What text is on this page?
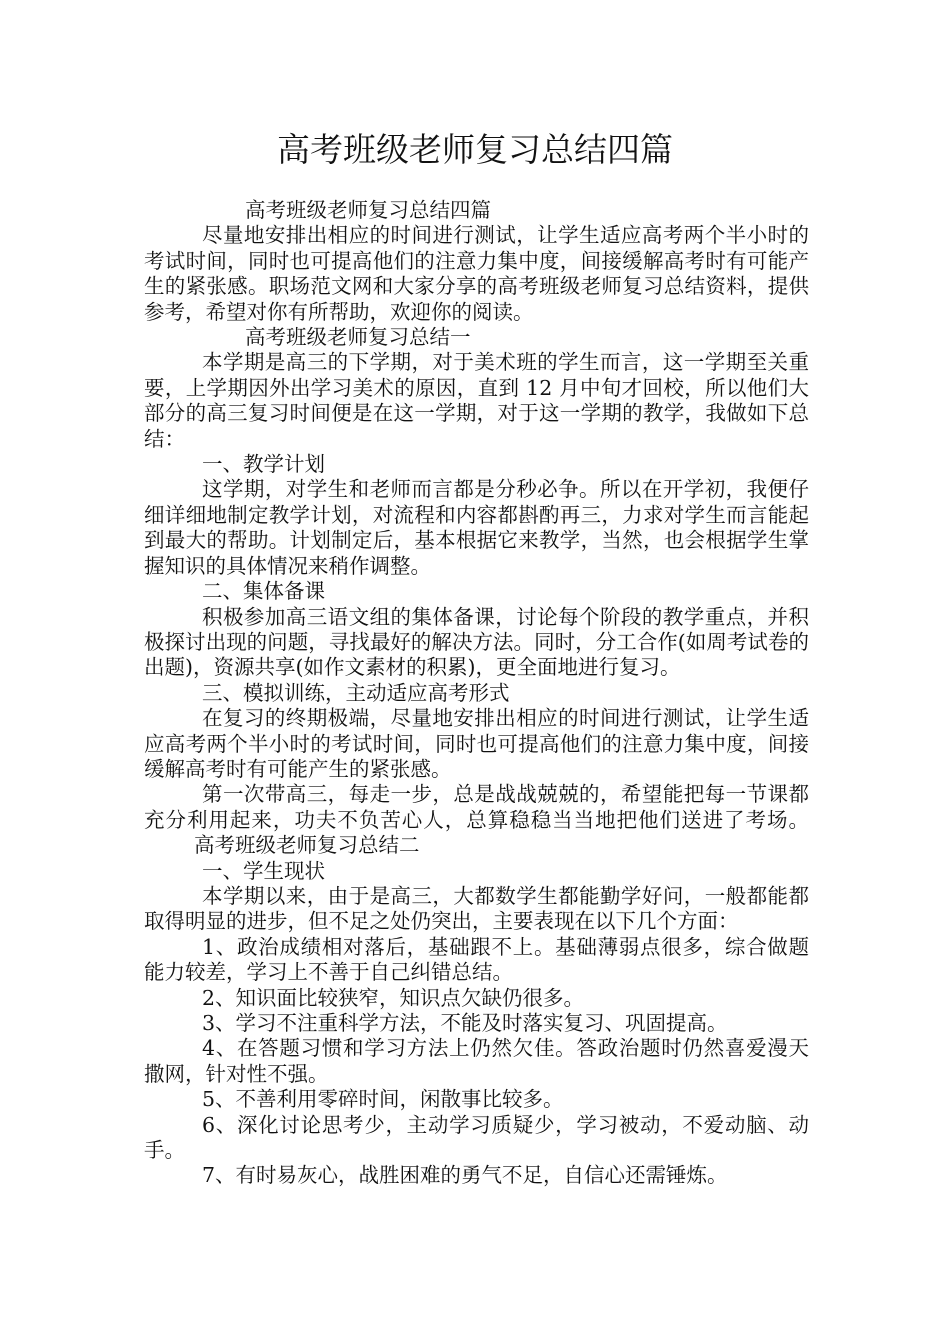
高考班级老师复习总结四篇

高考班级老师复习总结四篇

尽量地安排出相应的时间进行测试，让学生适应高考两个半小时的考试时间，同时也可提高他们的注意力集中度，间接缓解高考时有可能产生的紧张感。职场范文网和大家分享的高考班级老师复习总结资料，提供参考，希望对你有所帮助，欢迎你的阅读。

高考班级老师复习总结一

本学期是高三的下学期，对于美术班的学生而言，这一学期至关重要，上学期因外出学习美术的原因，直到 12 月中旬才回校，所以他们大部分的高三复习时间便是在这一学期，对于这一学期的教学，我做如下总结：

一、教学计划

这学期，对学生和老师而言都是分秒必争。所以在开学初，我便仔细详细地制定教学计划，对流程和内容都斟酌再三，力求对学生而言能起到最大的帮助。计划制定后，基本根据它来教学，当然，也会根据学生掌握知识的具体情况来稍作调整。

二、集体备课

积极参加高三语文组的集体备课，讨论每个阶段的教学重点，并积极探讨出现的问题，寻找最好的解决方法。同时，分工合作(如周考试卷的出题)，资源共享(如作文素材的积累)，更全面地进行复习。

三、模拟训练，主动适应高考形式

在复习的终期极端，尽量地安排出相应的时间进行测试，让学生适应高考两个半小时的考试时间，同时也可提高他们的注意力集中度，间接缓解高考时有可能产生的紧张感。

第一次带高三，每走一步，总是战战兢兢的，希望能把每一节课都充分利用起来，功夫不负苦心人，总算稳稳当当地把他们送进了考场。高考班级老师复习总结二

一、学生现状

本学期以来，由于是高三，大都数学生都能勤学好问，一般都能都取得明显的进步，但不足之处仍突出，主要表现在以下几个方面：

1、政治成绩相对落后，基础跟不上。基础薄弱点很多，综合做题能力较差，学习上不善于自己纠错总结。

2、知识面比较狭窄，知识点欠缺仍很多。

3、学习不注重科学方法，不能及时落实复习、巩固提高。

4、在答题习惯和学习方法上仍然欠佳。答政治题时仍然喜爱漫天撒网，针对性不强。

5、不善利用零碎时间，闲散事比较多。

6、深化讨论思考少，主动学习质疑少，学习被动，不爱动脑、动手。

7、有时易灰心，战胜困难的勇气不足，自信心还需锤炼。
